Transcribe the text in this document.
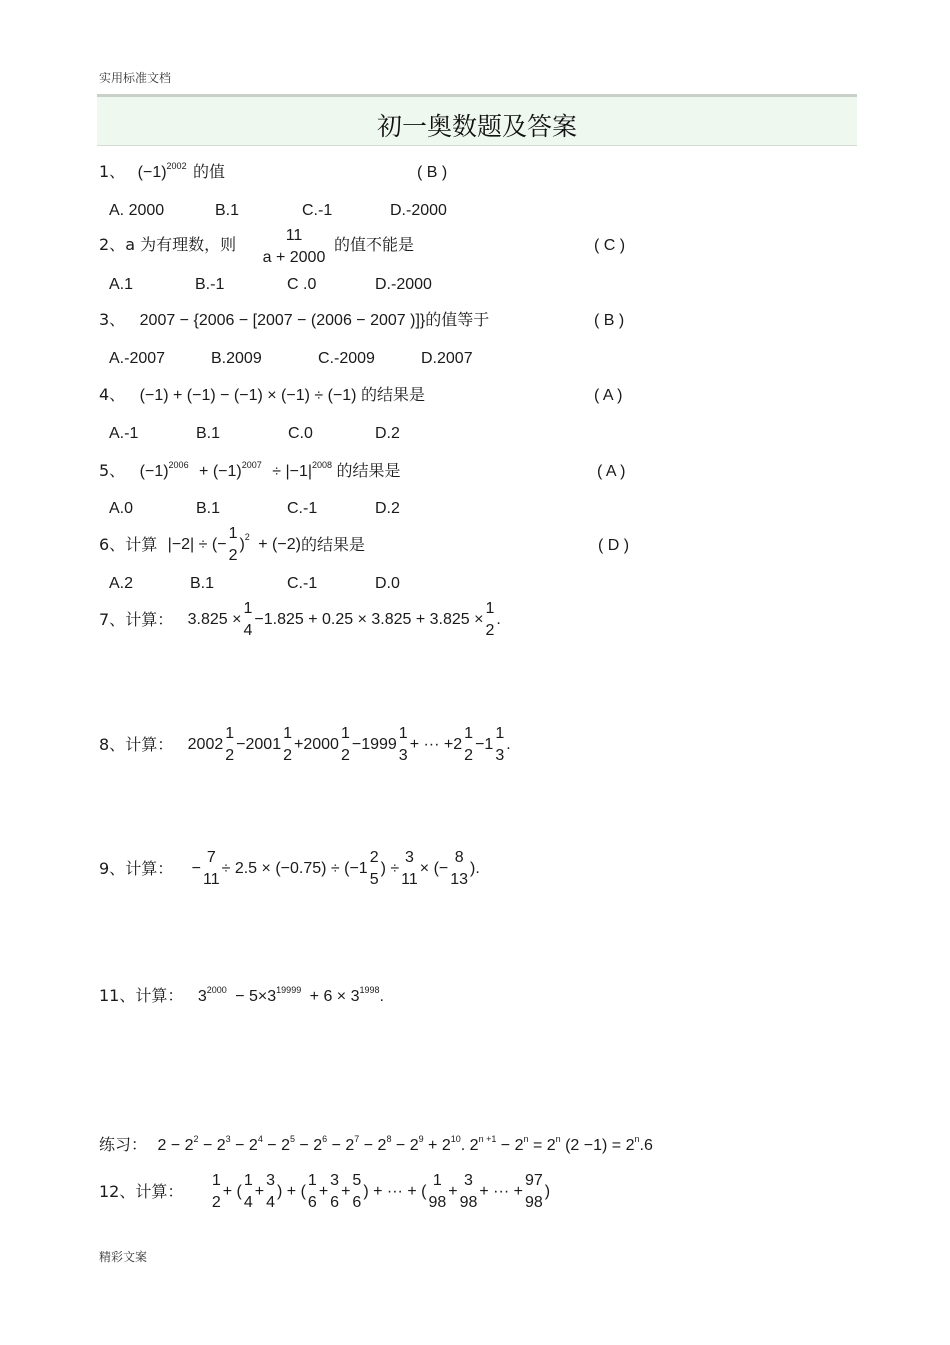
实用标准文档
初一奥数题及答案
1、 $(-1)^{2002}$ 的值	( B )
A. 2000	B.1	C.-1	D.-2000
2、a 为有理数，则	11
a + 2000
的值不能是	( C )
A.1	B.-1	C .0	D.-2000
3、 2007 − {2006 − [2007 − (2006 − 2007 )]}的值等于	( B )
A.-2007	B.2009	C.-2009	D.2007
4、 (−1) + (−1) − (−1) × (−1) ÷ (−1) 的结果是	( A )
A.-1	B.1	C.0	D.2
5、 $(-1)^{2006} + (-1)^{2007} \div |-1|^{2008}$ 的结果是	( A )
A.0	B.1	C.-1	D.2
6、计算 |−2| ÷ (−
1
2
)$^2$ + (−2)的结果是	( D )
A.2	B.1	C.-1	D.0
7、计算： 3.825 ×
1
4
−1.825 + 0.25 × 3.825 + 3.825 ×
1
2
.
8、计算： 2002
1
2
−2001
1
2
+2000
1
2
−1999
1
3
+ ··· +2
1
2
−1
1
3
.
9、计算： −
7
11
÷ 2.5 × (−0.75) ÷ (−1
2
5
) ÷
3
11
× (−
8
13
).
11、计算： $3^{2000} - 5\times 3^{19999} + 6 \times 3^{1998}$.
练习： $2 - 2^2 - 2^3 - 2^4 - 2^5 - 2^6 - 2^7 - 2^8 - 2^9 + 2^{10}$. $2^{n +1} - 2^n = 2^n$ $(2 -1) = 2^n.6$
12、计算：
1
2
+ (
1
4
+
3
4
) + (
1
6
+
3
6
+
5
6
) + ··· + (
1
98
+
3
98
+ ··· +
97
98
)
精彩文案
